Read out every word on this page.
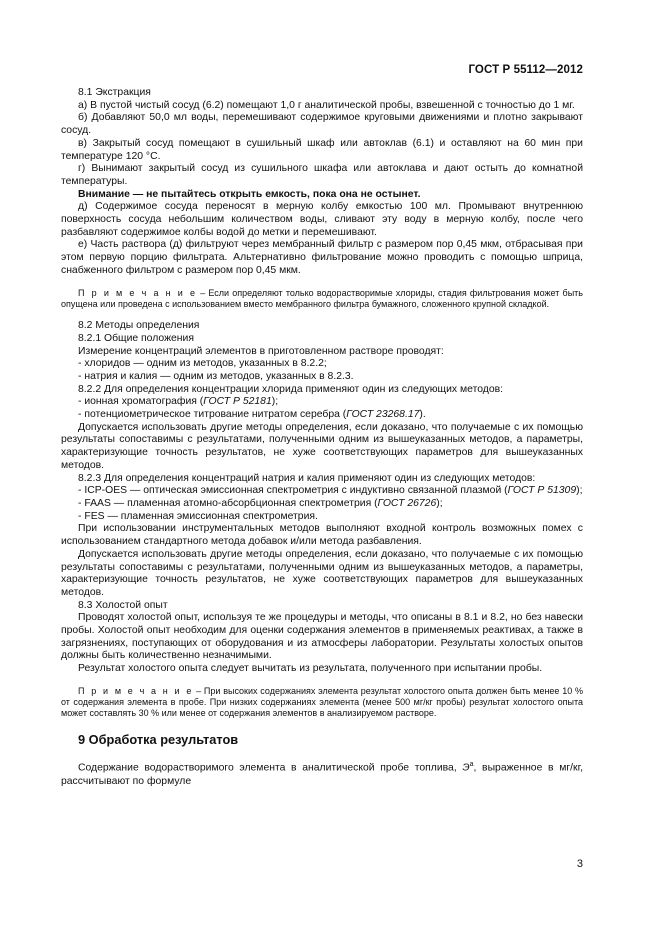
ГОСТ Р 55112—2012

8.1 Экстракция

а) В пустой чистый сосуд (6.2) помещают 1,0 г аналитической пробы, взвешенной с точностью до 1 мг.

б) Добавляют 50,0 мл воды, перемешивают содержимое круговыми движениями и плотно закрывают сосуд.

в) Закрытый сосуд помещают в сушильный шкаф или автоклав (6.1) и оставляют на 60 мин при температуре 120 °С.

г) Вынимают закрытый сосуд из сушильного шкафа или автоклава и дают остыть до комнатной температуры.

Внимание — не пытайтесь открыть емкость, пока она не остынет.

д) Содержимое сосуда переносят в мерную колбу емкостью 100 мл. Промывают внутреннюю поверхность сосуда небольшим количеством воды, сливают эту воду в мерную колбу, после чего разбавляют содержимое колбы водой до метки и перемешивают.

е) Часть раствора (д) фильтруют через мембранный фильтр с размером пор 0,45 мкм, отбрасывая при этом первую порцию фильтрата. Альтернативно фильтрование можно проводить с помощью шприца, снабженного фильтром с размером пор 0,45 мкм.

П р и м е ч а н и е – Если определяют только водорастворимые хлориды, стадия фильтрования может быть опущена или проведена с использованием вместо мембранного фильтра бумажного, сложенного крупной складкой.

8.2 Методы определения

8.2.1 Общие положения

Измерение концентраций элементов в приготовленном растворе проводят:

- хлоридов — одним из методов, указанных в 8.2.2;

- натрия и калия — одним из методов, указанных в 8.2.3.

8.2.2 Для определения концентрации хлорида применяют один из следующих методов:

- ионная хроматография (ГОСТ Р 52181);

- потенциометрическое титрование нитратом серебра (ГОСТ 23268.17).

Допускается использовать другие методы определения, если доказано, что получаемые с их помощью результаты сопоставимы с результатами, полученными одним из вышеуказанных методов, а параметры, характеризующие точность результатов, не хуже соответствующих параметров для вышеуказанных методов.

8.2.3 Для определения концентраций натрия и калия применяют один из следующих методов:

- ICP-OES — оптическая эмиссионная спектрометрия с индуктивно связанной плазмой (ГОСТ Р 51309);

- FAAS — пламенная атомно-абсорбционная спектрометрия (ГОСТ 26726);

- FES — пламенная эмиссионная спектрометрия.

При использовании инструментальных методов выполняют входной контроль возможных помех с использованием стандартного метода добавок и/или метода разбавления.

Допускается использовать другие методы определения, если доказано, что получаемые с их помощью результаты сопоставимы с результатами, полученными одним из вышеуказанных методов, а параметры, характеризующие точность результатов, не хуже соответствующих параметров для вышеуказанных методов.

8.3 Холостой опыт

Проводят холостой опыт, используя те же процедуры и методы, что описаны в 8.1 и 8.2, но без навески пробы. Холостой опыт необходим для оценки содержания элементов в применяемых реактивах, а также в загрязнениях, поступающих от оборудования и из атмосферы лаборатории. Результаты холостых опытов должны быть количественно незначимыми.

Результат холостого опыта следует вычитать из результата, полученного при испытании пробы.

П р и м е ч а н и е – При высоких содержаниях элемента результат холостого опыта должен быть менее 10 % от содержания элемента в пробе. При низких содержаниях элемента (менее 500 мг/кг пробы) результат холостого опыта может составлять 30 % или менее от содержания элементов в анализируемом растворе.

9 Обработка результатов

Содержание водорастворимого элемента в аналитической пробе топлива, $Э^а$, выраженное в мг/кг, рассчитывают по формуле

3
